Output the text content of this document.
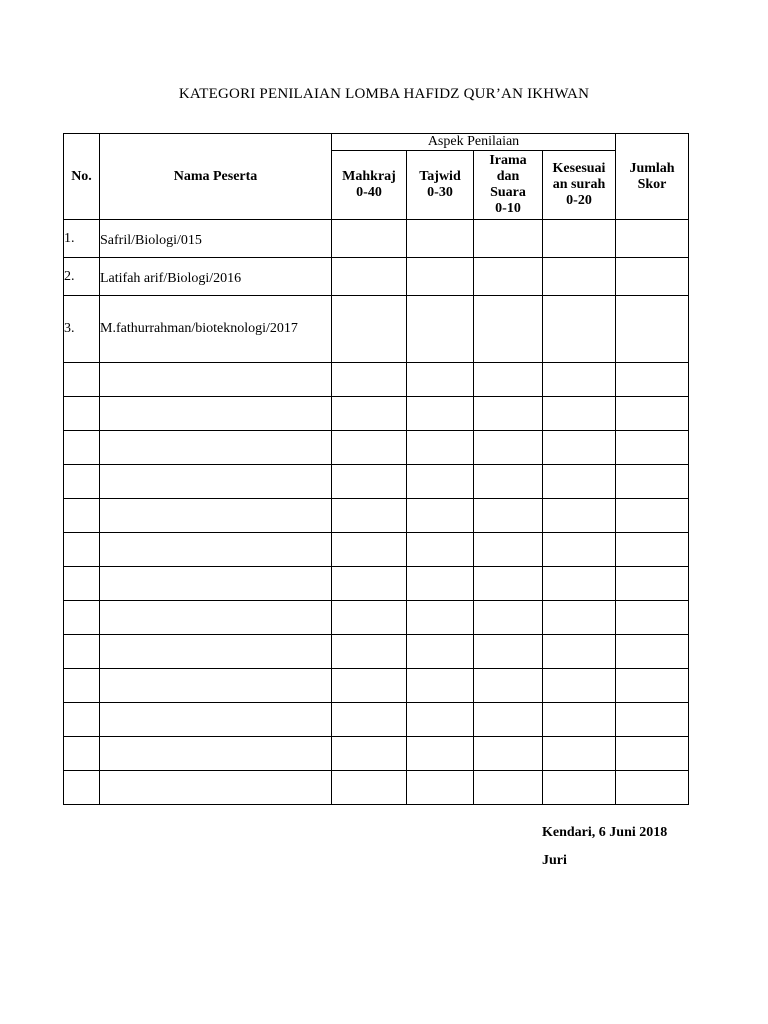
KATEGORI PENILAIAN LOMBA HAFIDZ QUR’AN IKHWAN
No.	Nama Peserta	Aspek Penilaian				Jumlah Skor
		Mahkraj 0-40	Tajwid 0-30	Irama dan Suara 0-10	Kesesuai an surah 0-20	
1.	Safril/Biologi/015					
2.	Latifah arif/Biologi/2016					
3.	M.fathurrahman/bioteknologi/2017					

Kendari, 6 Juni 2018
Juri
